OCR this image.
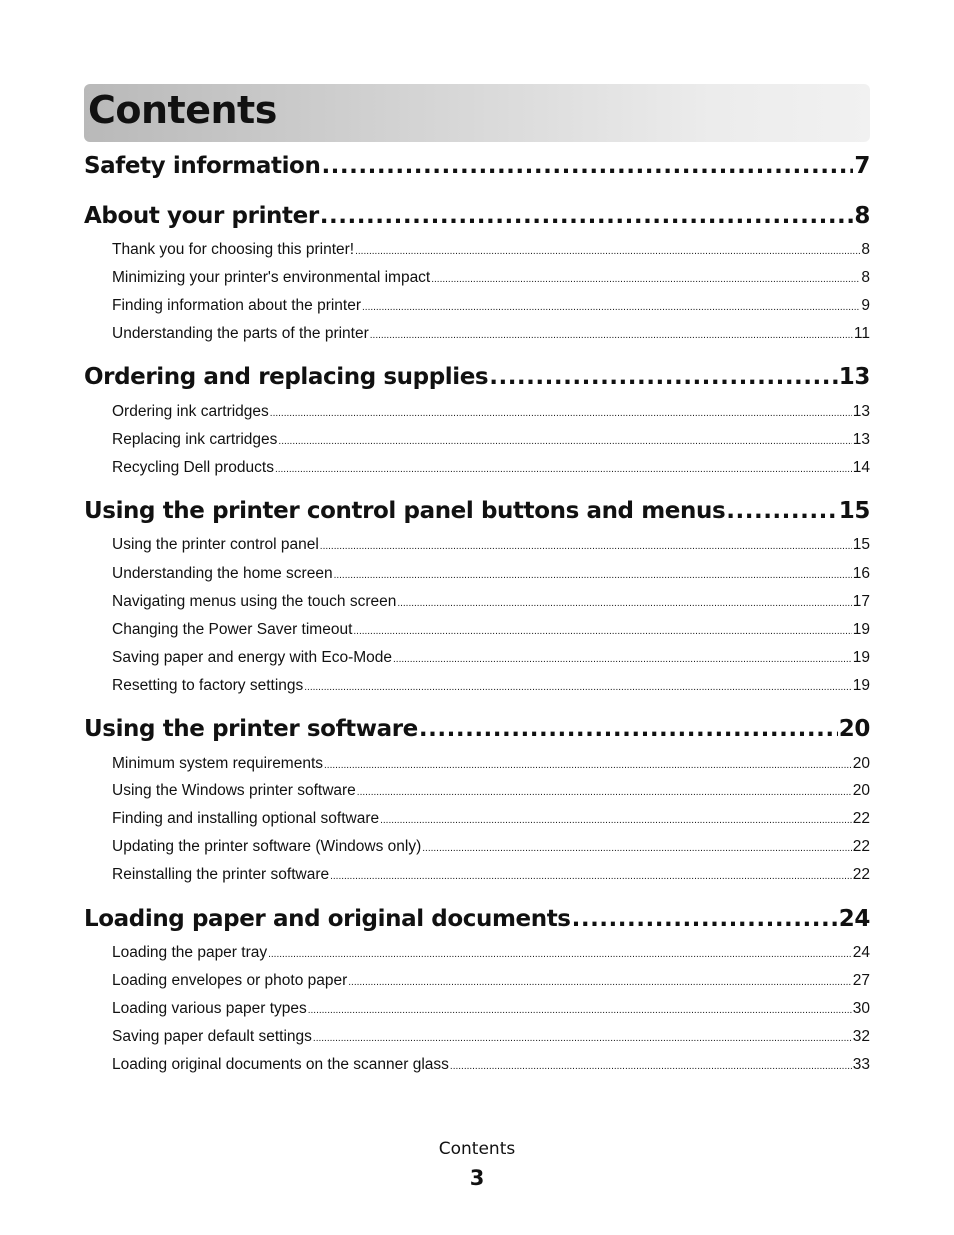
Contents
Safety information .....	7
About your printer .....	8
Thank you for choosing this printer! .....	8
Minimizing your printer's environmental impact .....	8
Finding information about the printer .....	9
Understanding the parts of the printer .....	11
Ordering and replacing supplies .....	13
Ordering ink cartridges .....	13
Replacing ink cartridges .....	13
Recycling Dell products .....	14
Using the printer control panel buttons and menus .....	15
Using the printer control panel .....	15
Understanding the home screen .....	16
Navigating menus using the touch screen .....	17
Changing the Power Saver timeout .....	19
Saving paper and energy with Eco-Mode .....	19
Resetting to factory settings .....	19
Using the printer software .....	20
Minimum system requirements .....	20
Using the Windows printer software .....	20
Finding and installing optional software .....	22
Updating the printer software (Windows only) .....	22
Reinstalling the printer software .....	22
Loading paper and original documents .....	24
Loading the paper tray .....	24
Loading envelopes or photo paper .....	27
Loading various paper types .....	30
Saving paper default settings .....	32
Loading original documents on the scanner glass .....	33
Contents
3
